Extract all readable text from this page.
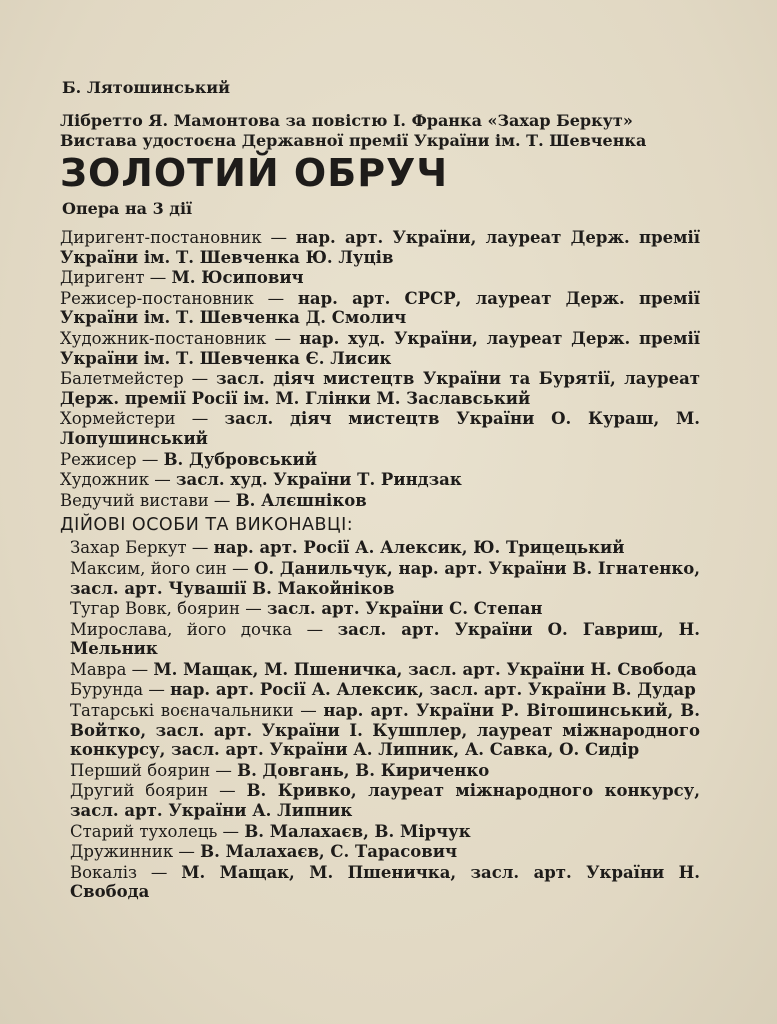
Б. Лятошинський
Лібретто Я. Мамонтова за повістю І. Франка «Захар Беркут»
Вистава удостоєна Державної премії України ім. Т. Шевченка
ЗОЛОТИЙ ОБРУЧ
Опера на 3 дії
Диригент-постановник — нар. арт. України, лауреат Держ. премії України ім. Т. Шевченка Ю. Луців
Диригент — М. Юсипович
Режисер-постановник — нар. арт. СРСР, лауреат Держ. премії України ім. Т. Шевченка Д. Смолич
Художник-постановник — нар. худ. України, лауреат Держ. премії України ім. Т. Шевченка Є. Лисик
Балетмейстер — засл. діяч мистецтв України та Бурятії, лауреат Держ. премії Росії ім. М. Глінки М. Заславський
Хормейстери — засл. діяч мистецтв України О. Кураш, М. Лопушинський
Режисер — В. Дубровський
Художник — засл. худ. України Т. Риндзак
Ведучий вистави — В. Алєшніков
ДІЙОВІ ОСОБИ ТА ВИКОНАВЦІ:
Захар Беркут — нар. арт. Росії А. Алексик, Ю. Трицецький
Максим, його син — О. Данильчук, нар. арт. України В. Ігнатенко, засл. арт. Чувашії В. Макойніков
Тугар Вовк, боярин — засл. арт. України С. Степан
Мирослава, його дочка — засл. арт. України О. Гавриш, Н. Мельник
Мавра — М. Мащак, М. Пшеничка, засл. арт. України Н. Свобода
Бурунда — нар. арт. Росії А. Алексик, засл. арт. України В. Дудар
Татарські воєначальники — нар. арт. України Р. Вітошинський, В. Войтко, засл. арт. України І. Кушплер, лауреат міжнародного конкурсу, засл. арт. України А. Липник, А. Савка, О. Сидір
Перший боярин — В. Довгань, В. Кириченко
Другий боярин — В. Кривко, лауреат міжнародного конкурсу, засл. арт. України А. Липник
Старий тухолець — В. Малахаєв, В. Мірчук
Дружинник — В. Малахаєв, С. Тарасович
Вокаліз — М. Мащак, М. Пшеничка, засл. арт. України Н. Свобода
